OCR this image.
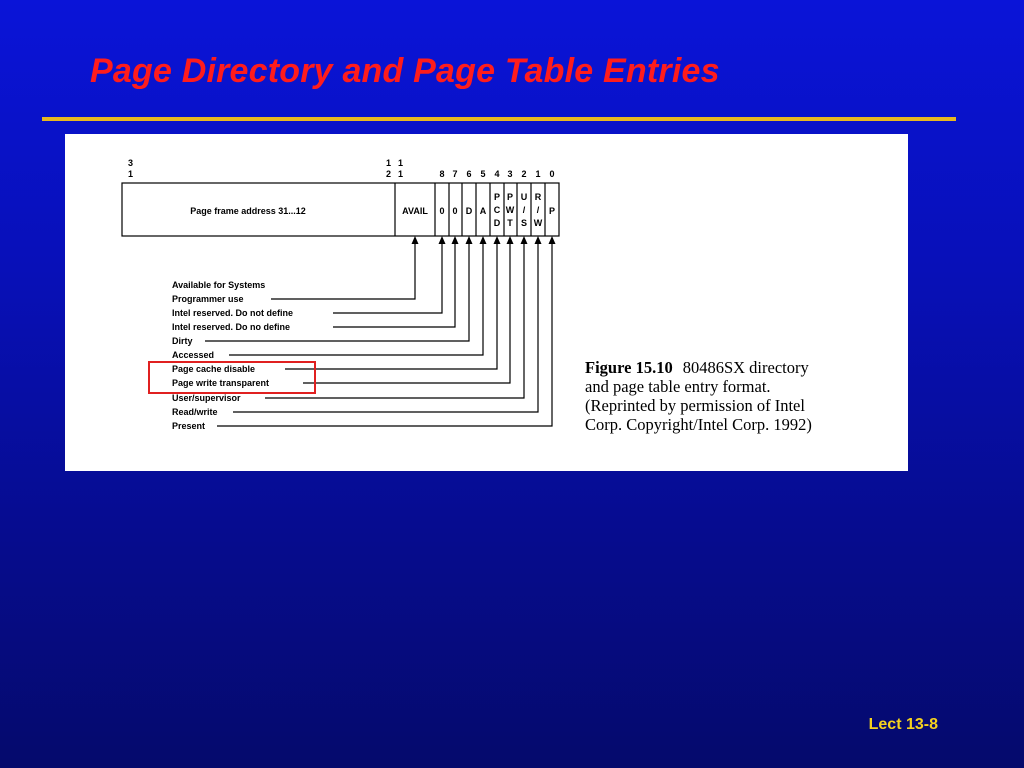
Page Directory and Page Table Entries
3
1
1
2
1
1	8 7 6 5 4 3 2 1 0
Page frame address 31...12	AVAIL 0 0 D A
P
C
D
P
W
T
U
/
S
R
/
W
P
Available for Systems
Programmer use
Intel reserved. Do not define
Intel reserved. Do no define
Dirty
Accessed
Page cache disable
Page write transparent
User/supervisor
Read/write
Present
Figure 15.10 80486SX directory
and page table entry format.
(Reprinted by permission of Intel
Corp. Copyright/Intel Corp. 1992)
Lect 13-8
